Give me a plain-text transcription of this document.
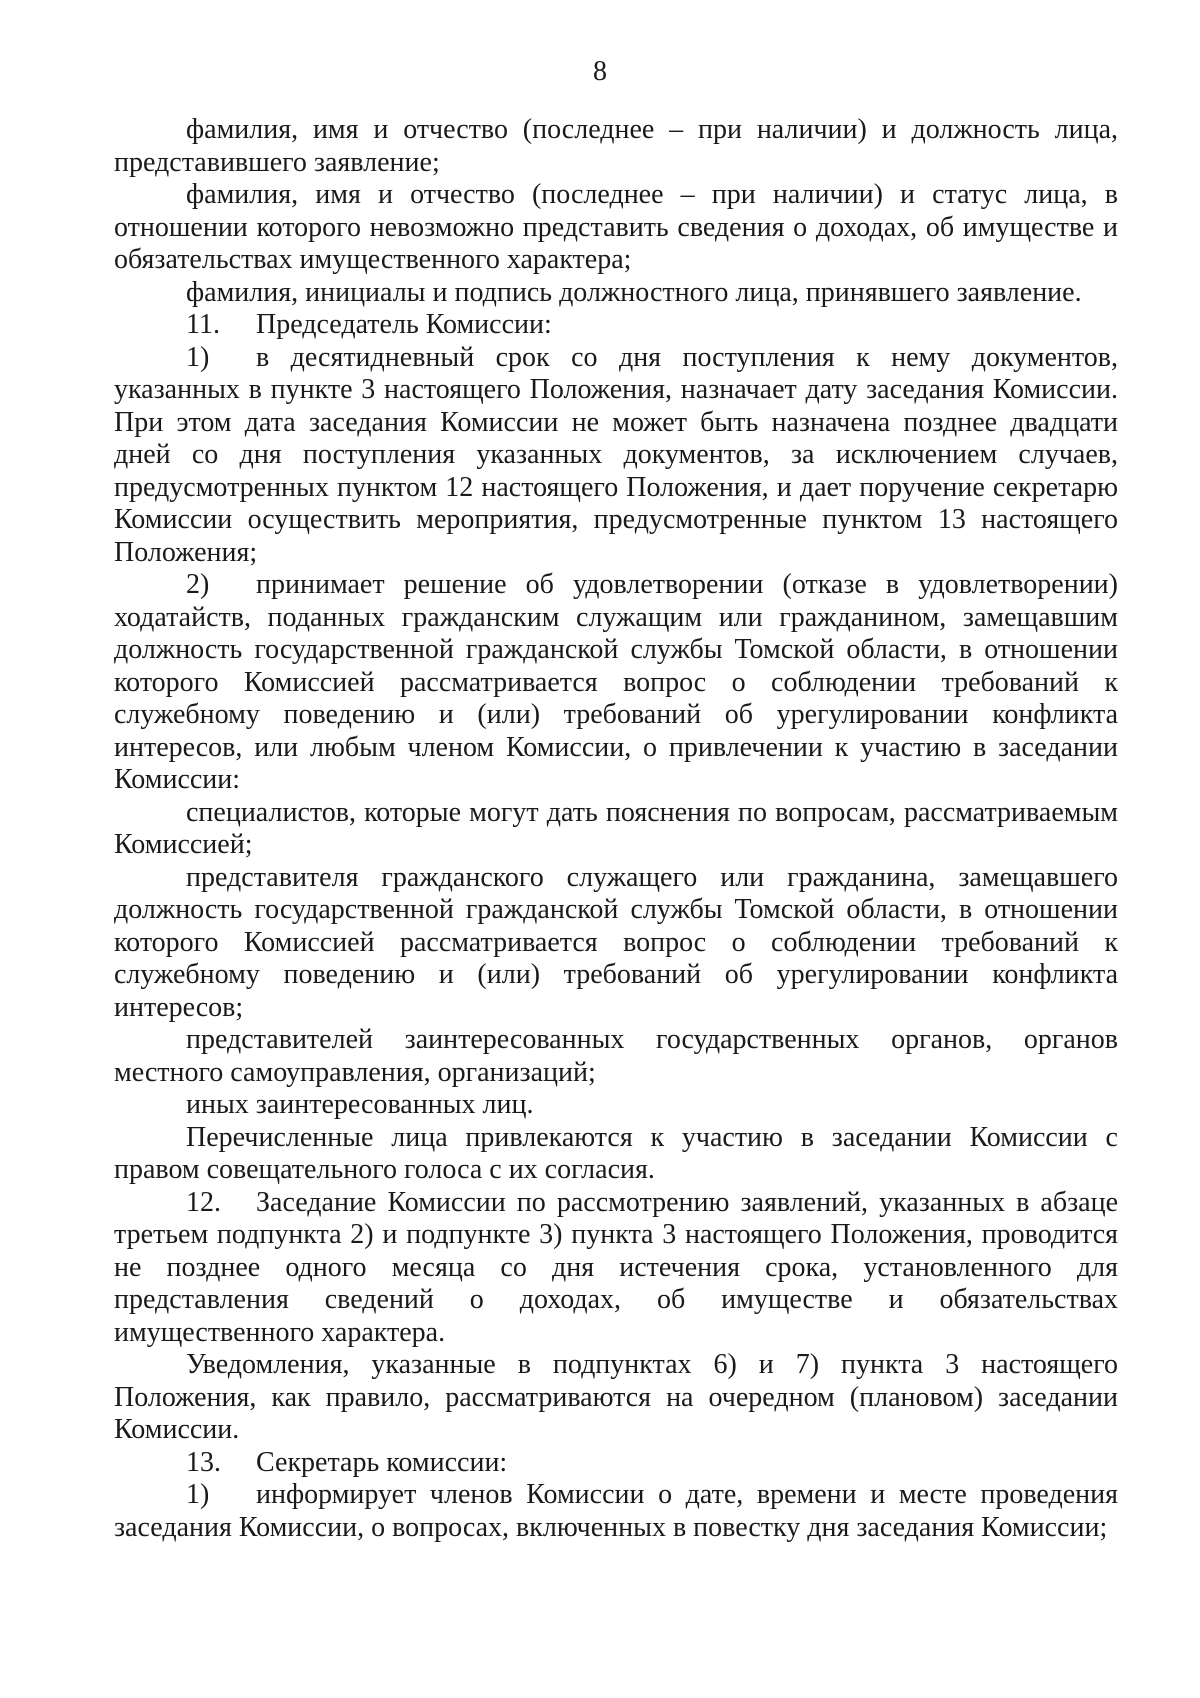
8

фамилия, имя и отчество (последнее – при наличии) и должность лица, представившего заявление;

фамилия, имя и отчество (последнее – при наличии) и статус лица, в отношении которого невозможно представить сведения о доходах, об имуществе и обязательствах имущественного характера;

фамилия, инициалы и подпись должностного лица, принявшего заявление.

11. Председатель Комиссии:

1) в десятидневный срок со дня поступления к нему документов, указанных в пункте 3 настоящего Положения, назначает дату заседания Комиссии. При этом дата заседания Комиссии не может быть назначена позднее двадцати дней со дня поступления указанных документов, за исключением случаев, предусмотренных пунктом 12 настоящего Положения, и дает поручение секретарю Комиссии осуществить мероприятия, предусмотренные пунктом 13 настоящего Положения;

2) принимает решение об удовлетворении (отказе в удовлетворении) ходатайств, поданных гражданским служащим или гражданином, замещавшим должность государственной гражданской службы Томской области, в отношении которого Комиссией рассматривается вопрос о соблюдении требований к служебному поведению и (или) требований об урегулировании конфликта интересов, или любым членом Комиссии, о привлечении к участию в заседании Комиссии:

специалистов, которые могут дать пояснения по вопросам, рассматриваемым Комиссией;

представителя гражданского служащего или гражданина, замещавшего должность государственной гражданской службы Томской области, в отношении которого Комиссией рассматривается вопрос о соблюдении требований к служебному поведению и (или) требований об урегулировании конфликта интересов;

представителей заинтересованных государственных органов, органов местного самоуправления, организаций;

иных заинтересованных лиц.

Перечисленные лица привлекаются к участию в заседании Комиссии с правом совещательного голоса с их согласия.

12. Заседание Комиссии по рассмотрению заявлений, указанных в абзаце третьем подпункта 2) и подпункте 3) пункта 3 настоящего Положения, проводится не позднее одного месяца со дня истечения срока, установленного для представления сведений о доходах, об имуществе и обязательствах имущественного характера.

Уведомления, указанные в подпунктах 6) и 7) пункта 3 настоящего Положения, как правило, рассматриваются на очередном (плановом) заседании Комиссии.

13. Секретарь комиссии:

1) информирует членов Комиссии о дате, времени и месте проведения заседания Комиссии, о вопросах, включенных в повестку дня заседания Комиссии;
